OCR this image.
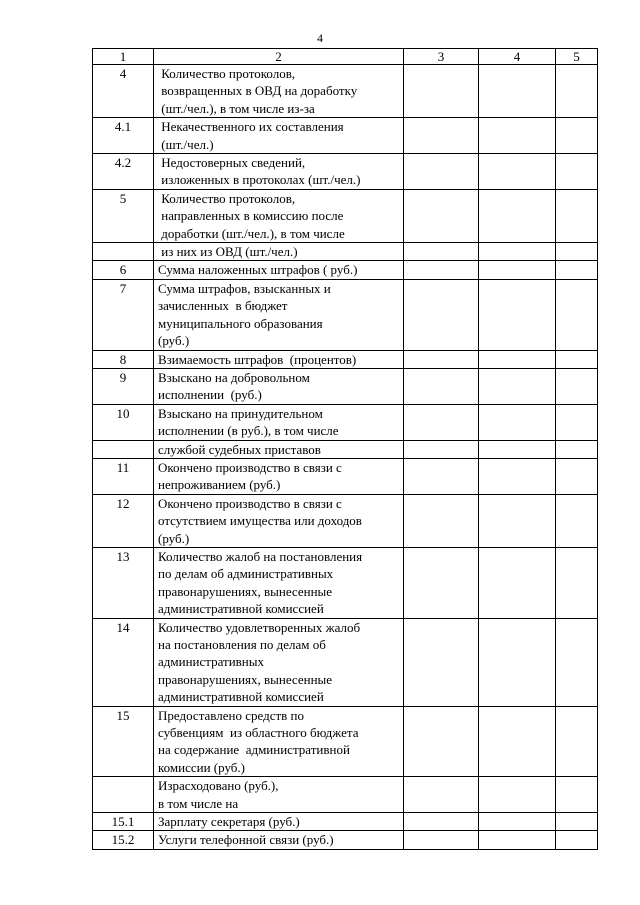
4
1	2	3	4	5
4	Количество протоколов,
возвращенных в ОВД на доработку
(шт./чел.), в том числе из-за			

4.1	Некачественного их составления
(шт./чел.)			

4.2	Недостоверных сведений,
изложенных в протоколах (шт./чел.)			

5	Количество протоколов,
направленных в комиссию после
доработки (шт./чел.), в том числе			

	из них из ОВД (шт./чел.)			

6	Сумма наложенных штрафов ( руб.)			

7	Сумма штрафов, взысканных и
зачисленных  в бюджет
муниципального образования
(руб.)			

8	Взимаемость штрафов  (процентов)			

9	Взыскано на добровольном
исполнении  (руб.)			

10	Взыскано на принудительном
исполнении (в руб.), в том числе			

	службой судебных приставов			

11	Окончено производство в связи с
непроживанием (руб.)			

12	Окончено производство в связи с
отсутствием имущества или доходов
(руб.)			

13	Количество жалоб на постановления
по делам об административных
правонарушениях, вынесенные
административной комиссией			

14	Количество удовлетворенных жалоб
на постановления по делам об
административных
правонарушениях, вынесенные
административной комиссией			

15	Предоставлено средств по
субвенциям  из областного бюджета
на содержание  административной
комиссии (руб.)			

	Израсходовано (руб.),
в том числе на			

15.1	Зарплату секретаря (руб.)			

15.2	Услуги телефонной связи (руб.)			
